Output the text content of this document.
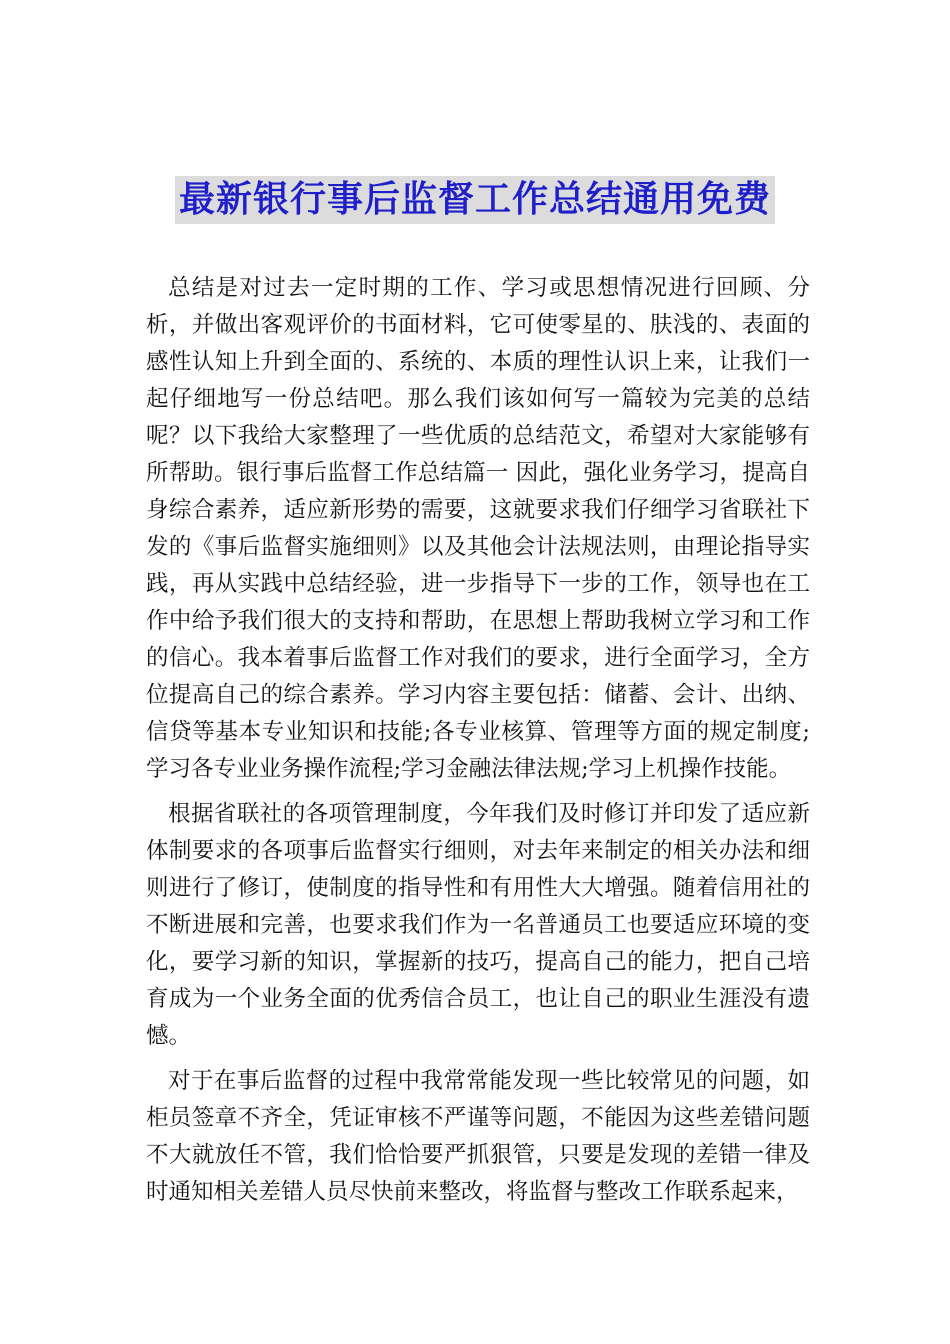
最新银行事后监督工作总结通用免费

总结是对过去一定时期的工作、学习或思想情况进行回顾、分析，并做出客观评价的书面材料，它可使零星的、肤浅的、表面的感性认知上升到全面的、系统的、本质的理性认识上来，让我们一起仔细地写一份总结吧。那么我们该如何写一篇较为完美的总结呢？以下我给大家整理了一些优质的总结范文，希望对大家能够有所帮助。银行事后监督工作总结篇一 因此，强化业务学习，提高自身综合素养，适应新形势的需要，这就要求我们仔细学习省联社下发的《事后监督实施细则》以及其他会计法规法则，由理论指导实践，再从实践中总结经验，进一步指导下一步的工作，领导也在工作中给予我们很大的支持和帮助，在思想上帮助我树立学习和工作的信心。我本着事后监督工作对我们的要求，进行全面学习，全方位提高自己的综合素养。学习内容主要包括：储蓄、会计、出纳、信贷等基本专业知识和技能;各专业核算、管理等方面的规定制度;学习各专业业务操作流程;学习金融法律法规;学习上机操作技能。

根据省联社的各项管理制度，今年我们及时修订并印发了适应新体制要求的各项事后监督实行细则，对去年来制定的相关办法和细则进行了修订，使制度的指导性和有用性大大增强。随着信用社的不断进展和完善，也要求我们作为一名普通员工也要适应环境的变化，要学习新的知识，掌握新的技巧，提高自己的能力，把自己培育成为一个业务全面的优秀信合员工，也让自己的职业生涯没有遗憾。

对于在事后监督的过程中我常常能发现一些比较常见的问题，如柜员签章不齐全，凭证审核不严谨等问题，不能因为这些差错问题不大就放任不管，我们恰恰要严抓狠管，只要是发现的差错一律及时通知相关差错人员尽快前来整改，将监督与整改工作联系起来，
